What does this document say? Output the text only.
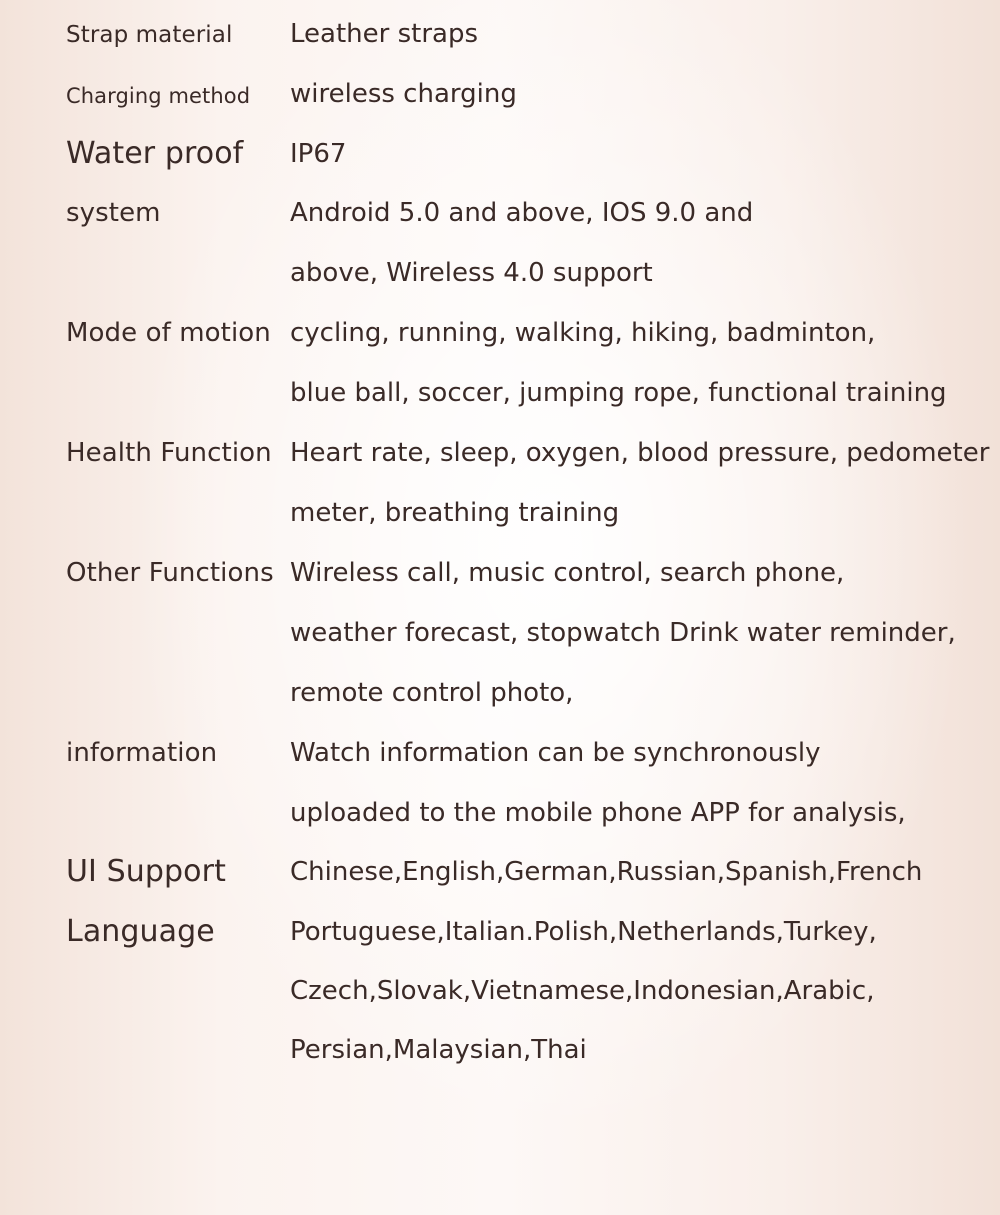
Strap material Leather straps
Charging method wireless charging
Water proof IP67
system	Android 5.0 and above, IOS 9.0 and
above, Wireless 4.0 support
Mode of motion cycling, running, walking, hiking, badminton,
blue ball, soccer, jumping rope, functional training
Health Function Heart rate, sleep, oxygen, blood pressure, pedometer
meter, breathing training
Other Functions Wireless call, music control, search phone,
weather forecast, stopwatch Drink water reminder,
remote control photo,
information	Watch information can be synchronously
uploaded to the mobile phone APP for analysis,
UI Support
Language
Chinese,English,German,Russian,Spanish,French
Portuguese,Italian.Polish,Netherlands,Turkey,
Czech,Slovak,Vietnamese,Indonesian,Arabic,
Persian,Malaysian,Thai
